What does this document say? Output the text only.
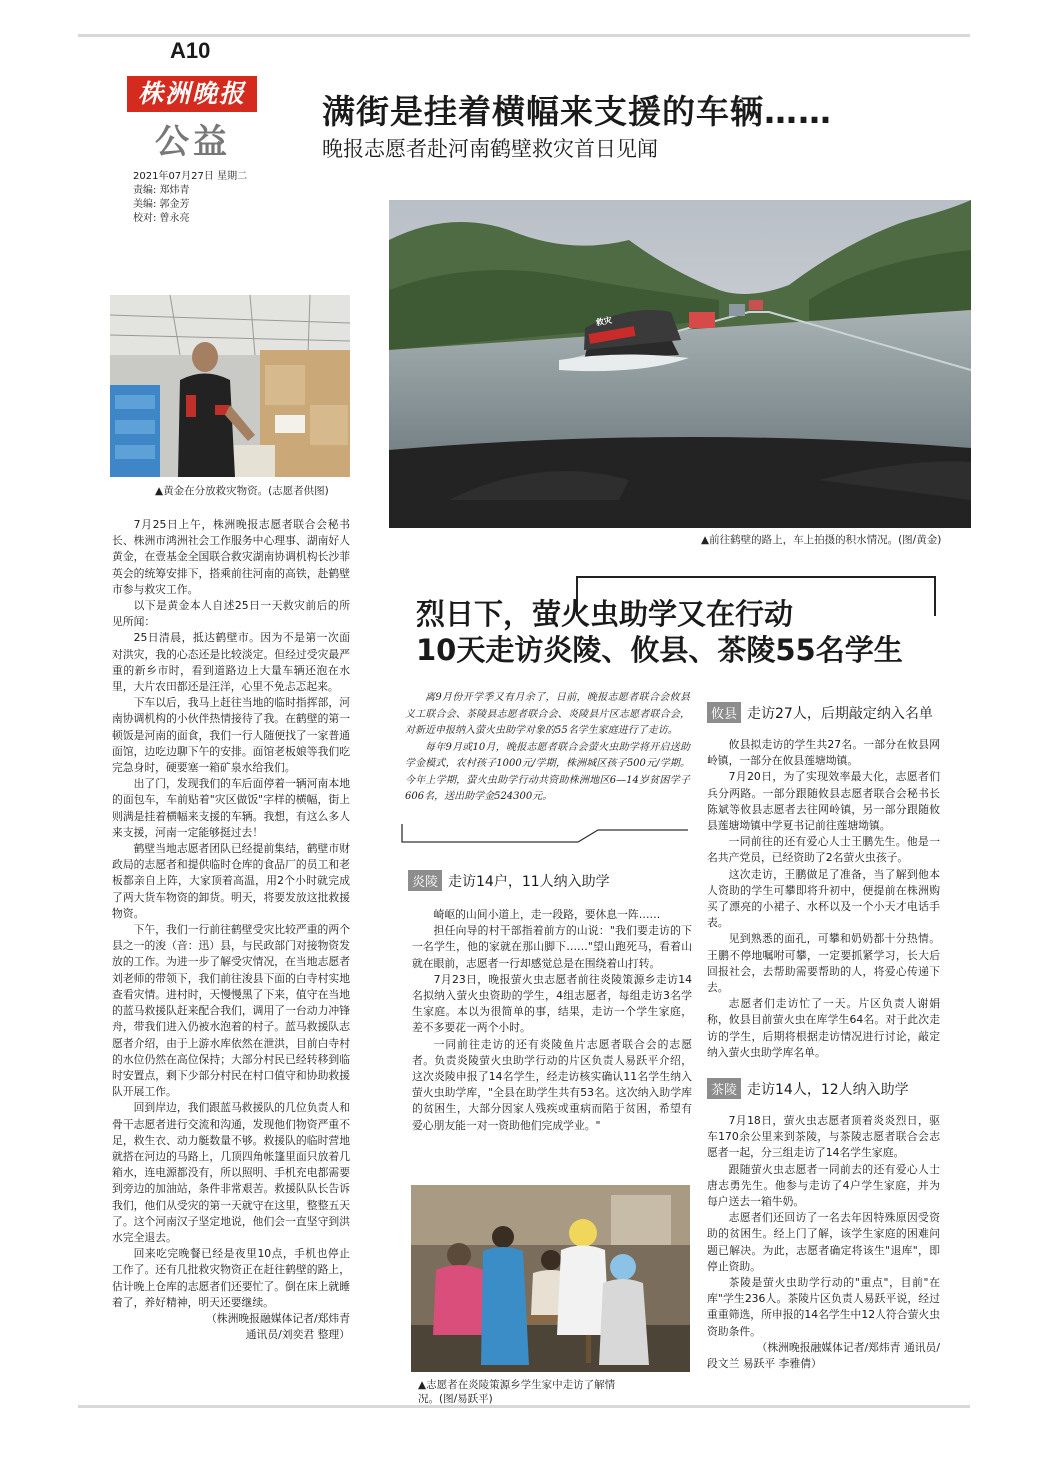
A10
株洲晚报
公益
2021年07月27日 星期二
责编: 郑炜青
美编: 郭金芳
校对: 曾永亮
满街是挂着横幅来支援的车辆……
晚报志愿者赴河南鹤壁救灾首日见闻
▲黄金在分放救灾物资。(志愿者供图)
救灾
▲前往鹤壁的路上，车上拍摄的积水情况。(图/黄金)

7月25日上午，株洲晚报志愿者联合会秘书长、株洲市鸿洲社会工作服务中心理事、湖南好人黄金，在壹基金全国联合救灾湖南协调机构长沙菲英会的统筹安排下，搭乘前往河南的高铁，赴鹤壁市参与救灾工作。

以下是黄金本人自述25日一天救灾前后的所见所闻：

25日清晨，抵达鹤壁市。因为不是第一次面对洪灾，我的心态还是比较淡定。但经过受灾最严重的新乡市时，看到道路边上大量车辆还泡在水里，大片农田都还是汪洋，心里不免忐忑起来。

下车以后，我马上赶往当地的临时指挥部，河南协调机构的小伙伴热情接待了我。在鹤壁的第一顿饭是河南的面食，我们一行人随便找了一家普通面馆，边吃边聊下午的安排。面馆老板娘等我们吃完急身时，硬要塞一箱矿泉水给我们。

出了门，发现我们的车后面停着一辆河南本地的面包车，车前贴着"灾区做饭"字样的横幅，街上则满是挂着横幅来支援的车辆。我想，有这么多人来支援，河南一定能够挺过去！

鹤壁当地志愿者团队已经提前集结，鹤壁市财政局的志愿者和提供临时仓库的食品厂的员工和老板都亲自上阵，大家顶着高温，用2个小时就完成了两大货车物资的卸货。明天，将要发放这批救援物资。

下午，我们一行前往鹤壁受灾比较严重的两个县之一的浚（音：迅）县，与民政部门对接物资发放的工作。为进一步了解受灾情况，在当地志愿者刘老师的带领下，我们前往浚县下面的白寺村实地查看灾情。进村时，天慢慢黑了下来，值守在当地的蓝马救援队赶来配合我们，调用了一台动力冲锋舟，带我们进入仍被水泡着的村子。蓝马救援队志愿者介绍，由于上游水库依然在泄洪，目前白寺村的水位仍然在高位保持；大部分村民已经转移到临时安置点，剩下少部分村民在村口值守和协助救援队开展工作。

回到岸边，我们跟蓝马救援队的几位负责人和骨干志愿者进行交流和沟通，发现他们物资严重不足，救生衣、动力艇数量不够。救援队的临时营地就搭在河边的马路上，几顶四角帐篷里面只放着几箱水，连电源都没有，所以照明、手机充电都需要到旁边的加油站，条件非常艰苦。救援队队长告诉我们，他们从受灾的第一天就守在这里，整整五天了。这个河南汉子坚定地说，他们会一直坚守到洪水完全退去。

回来吃完晚餐已经是夜里10点，手机也停止工作了。还有几批救灾物资正在赶往鹤壁的路上，估计晚上仓库的志愿者们还要忙了。倒在床上就睡着了，养好精神，明天还要继续。

（株洲晚报融媒体记者/郑炜青
通讯员/刘奕君 整理）
烈日下，萤火虫助学又在行动
10天走访炎陵、攸县、茶陵55名学生

离9月份开学季又有月余了，日前，晚报志愿者联合会攸县义工联合会、茶陵县志愿者联合会、炎陵县片区志愿者联合会，对新近申报纳入萤火虫助学对象的55名学生家庭进行了走访。

每年9月或10月，晚报志愿者联合会萤火虫助学将开启送助学金模式，农村孩子1000元/学期，株洲城区孩子500元/学期。今年上学期，萤火虫助学行动共资助株洲地区6—14岁贫困学子606名，送出助学金524300元。

炎陵 走访14户，11人纳入助学

崎岖的山间小道上，走一段路，要休息一阵……

担任向导的村干部指着前方的山说："我们要走访的下一名学生，他的家就在那山脚下……"望山跑死马，看着山就在眼前，志愿者一行却感觉总是在围绕着山打转。

7月23日，晚报萤火虫志愿者前往炎陵策源乡走访14名拟纳入萤火虫资助的学生，4组志愿者，每组走访3名学生家庭。本以为很简单的事，结果，走访一个学生家庭，差不多要花一两个小时。

一同前往走访的还有炎陵鱼片志愿者联合会的志愿者。负责炎陵萤火虫助学行动的片区负责人易跃平介绍，这次炎陵申报了14名学生，经走访核实确认11名学生纳入萤火虫助学库，"全县在助学生共有53名。这次纳入助学库的贫困生，大部分因家人残疾或重病而陷于贫困，希望有爱心朋友能一对一资助他们完成学业。"

▲志愿者在炎陵策源乡学生家中走访了解情
况。(图/易跃平)
攸县 走访27人，后期敲定纳入名单

攸县拟走访的学生共27名。一部分在攸县网岭镇，一部分在攸县莲塘坳镇。

7月20日，为了实现效率最大化，志愿者们兵分两路。一部分跟随攸县志愿者联合会秘书长陈斌等攸县志愿者去往网岭镇，另一部分跟随攸县莲塘坳镇中学夏书记前往莲塘坳镇。

一同前往的还有爱心人士王鹏先生。他是一名共产党员，已经资助了2名萤火虫孩子。

这次走访，王鹏做足了准备，当了解到他本人资助的学生可攀即将升初中，便提前在株洲购买了漂亮的小裙子、水杯以及一个小天才电话手表。

见到熟悉的面孔，可攀和奶奶都十分热情。王鹏不停地嘱咐可攀，一定要抓紧学习，长大后回报社会，去帮助需要帮助的人，将爱心传递下去。

志愿者们走访忙了一天。片区负责人谢娟称，攸县目前萤火虫在库学生64名。对于此次走访的学生，后期将根据走访情况进行讨论，敲定纳入萤火虫助学库名单。

茶陵 走访14人，12人纳入助学

7月18日，萤火虫志愿者顶着炎炎烈日，驱车170余公里来到茶陵，与茶陵志愿者联合会志愿者一起，分三组走访了14名学生家庭。

跟随萤火虫志愿者一同前去的还有爱心人士唐志勇先生。他参与走访了4户学生家庭，并为每户送去一箱牛奶。

志愿者们还回访了一名去年因特殊原因受资助的贫困生。经上门了解，该学生家庭的困难问题已解决。为此，志愿者确定将该生"退库"，即停止资助。

茶陵是萤火虫助学行动的"重点"，目前"在库"学生236人。茶陵片区负责人易跃平说，经过重重筛选，所申报的14名学生中12人符合萤火虫资助条件。

（株洲晚报融媒体记者/郑炜青 通讯员/
段文兰 易跃平 李雅倩）
